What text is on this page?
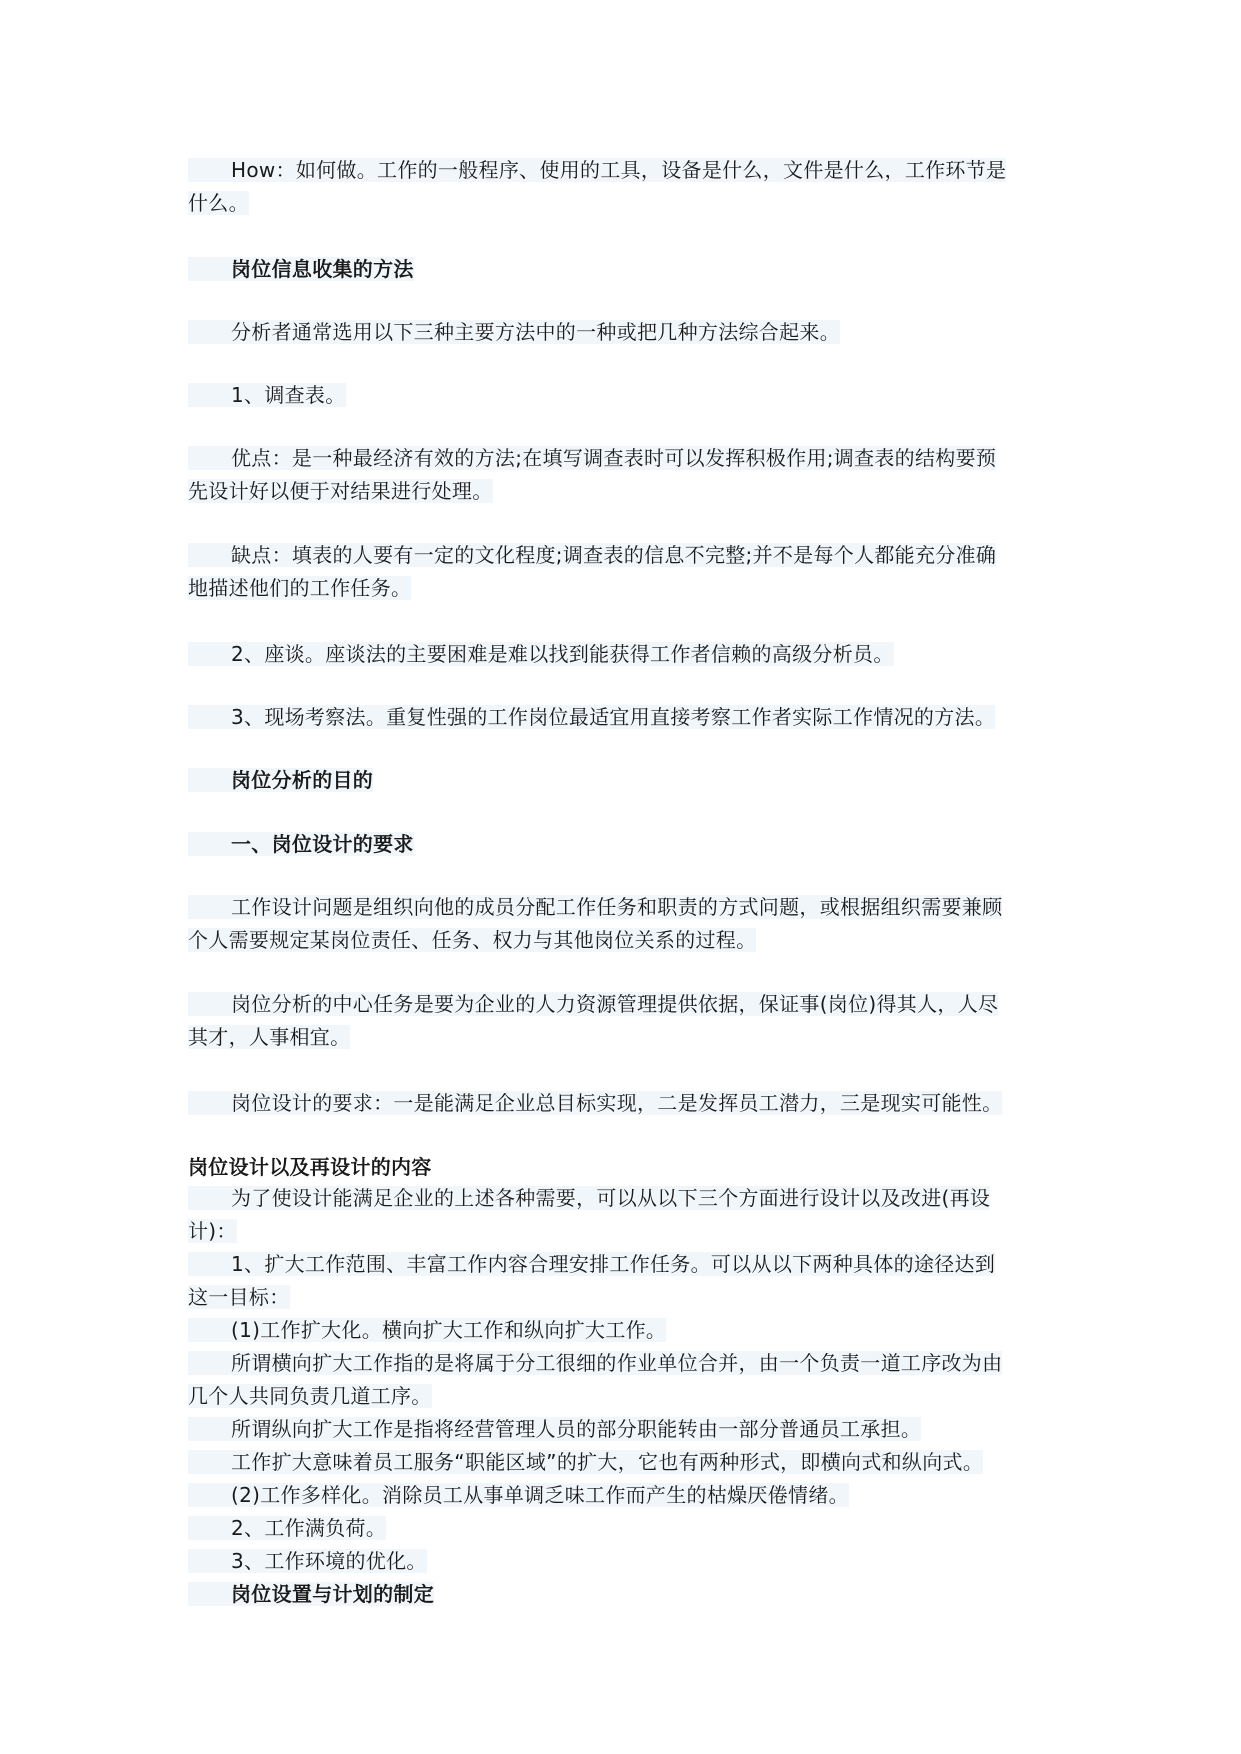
How：如何做。工作的一般程序、使用的工具，设备是什么，文件是什么，工作环节是
什么。
岗位信息收集的方法
分析者通常选用以下三种主要方法中的一种或把几种方法综合起来。
1、调查表。
优点：是一种最经济有效的方法;在填写调查表时可以发挥积极作用;调查表的结构要预
先设计好以便于对结果进行处理。
缺点：填表的人要有一定的文化程度;调查表的信息不完整;并不是每个人都能充分准确
地描述他们的工作任务。
2、座谈。座谈法的主要困难是难以找到能获得工作者信赖的高级分析员。
3、现场考察法。重复性强的工作岗位最适宜用直接考察工作者实际工作情况的方法。
岗位分析的目的
一、岗位设计的要求
工作设计问题是组织向他的成员分配工作任务和职责的方式问题，或根据组织需要兼顾
个人需要规定某岗位责任、任务、权力与其他岗位关系的过程。
岗位分析的中心任务是要为企业的人力资源管理提供依据，保证事(岗位)得其人，人尽
其才，人事相宜。
岗位设计的要求：一是能满足企业总目标实现，二是发挥员工潜力，三是现实可能性。
岗位设计以及再设计的内容
为了使设计能满足企业的上述各种需要，可以从以下三个方面进行设计以及改进(再设
计)：
1、扩大工作范围、丰富工作内容合理安排工作任务。可以从以下两种具体的途径达到
这一目标：
(1)工作扩大化。横向扩大工作和纵向扩大工作。
所谓横向扩大工作指的是将属于分工很细的作业单位合并，由一个负责一道工序改为由
几个人共同负责几道工序。
所谓纵向扩大工作是指将经营管理人员的部分职能转由一部分普通员工承担。
工作扩大意味着员工服务“职能区域”的扩大，它也有两种形式，即横向式和纵向式。
(2)工作多样化。消除员工从事单调乏味工作而产生的枯燥厌倦情绪。
2、工作满负荷。
3、工作环境的优化。
岗位设置与计划的制定
